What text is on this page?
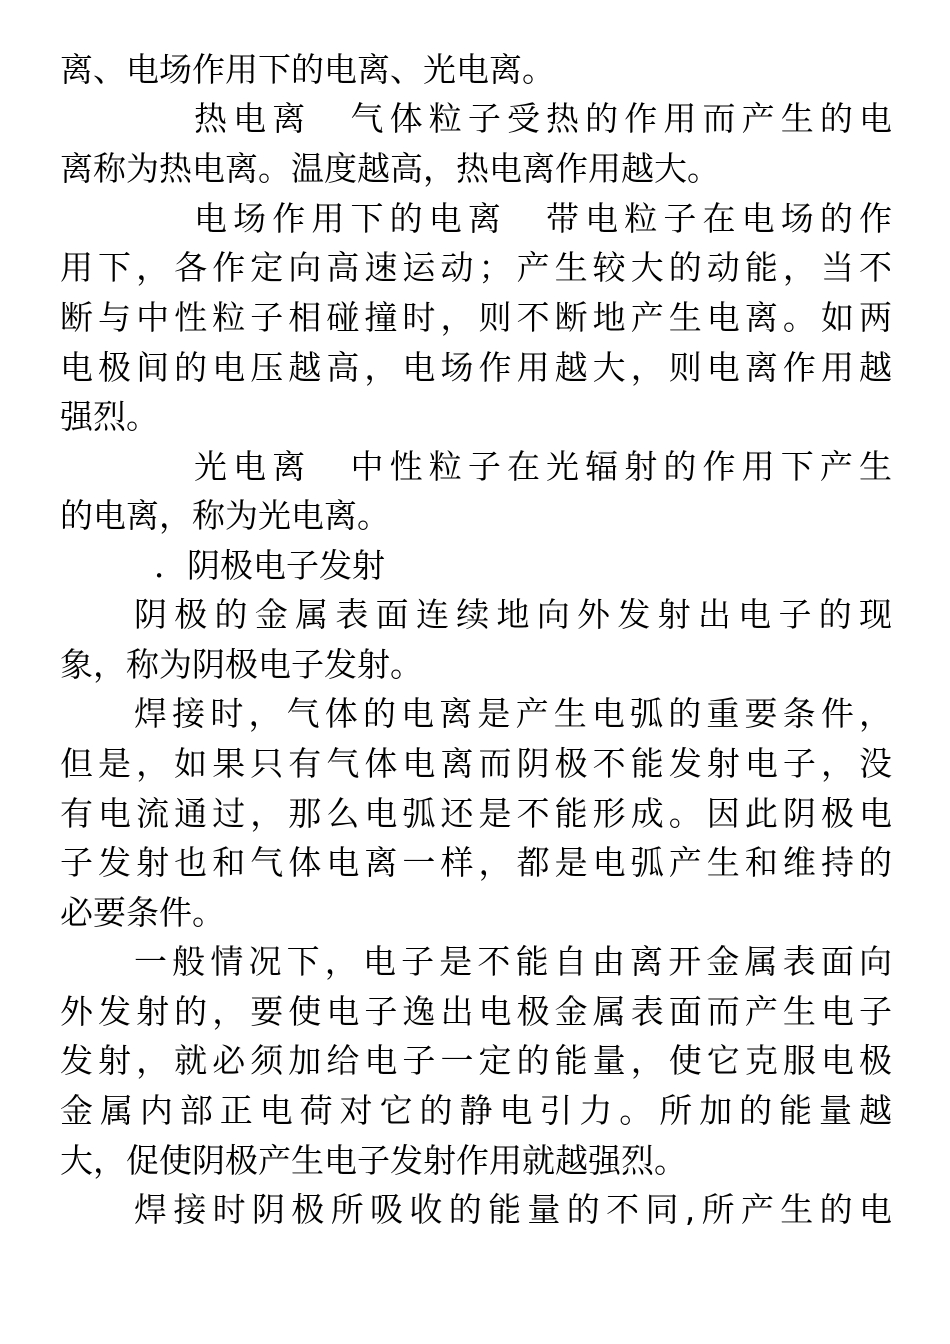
离、电场作用下的电离、光电离。
热电离　气体粒子受热的作用而产生的电
离称为热电离。温度越高，热电离作用越大。
电场作用下的电离　带电粒子在电场的作
用下，各作定向高速运动；产生较大的动能，当不
断与中性粒子相碰撞时，则不断地产生电离。如两
电极间的电压越高，电场作用越大，则电离作用越
强烈。
光电离　中性粒子在光辐射的作用下产生
的电离，称为光电离。
．阴极电子发射
阴极的金属表面连续地向外发射出电子的现
象，称为阴极电子发射。
焊接时，气体的电离是产生电弧的重要条件，
但是，如果只有气体电离而阴极不能发射电子，没
有电流通过，那么电弧还是不能形成。因此阴极电
子发射也和气体电离一样，都是电弧产生和维持的
必要条件。
一般情况下，电子是不能自由离开金属表面向
外发射的，要使电子逸出电极金属表面而产生电子
发射，就必须加给电子一定的能量，使它克服电极
金属内部正电荷对它的静电引力。所加的能量越
大，促使阴极产生电子发射作用就越强烈。
焊接时阴极所吸收的能量的不同,所产生的电
